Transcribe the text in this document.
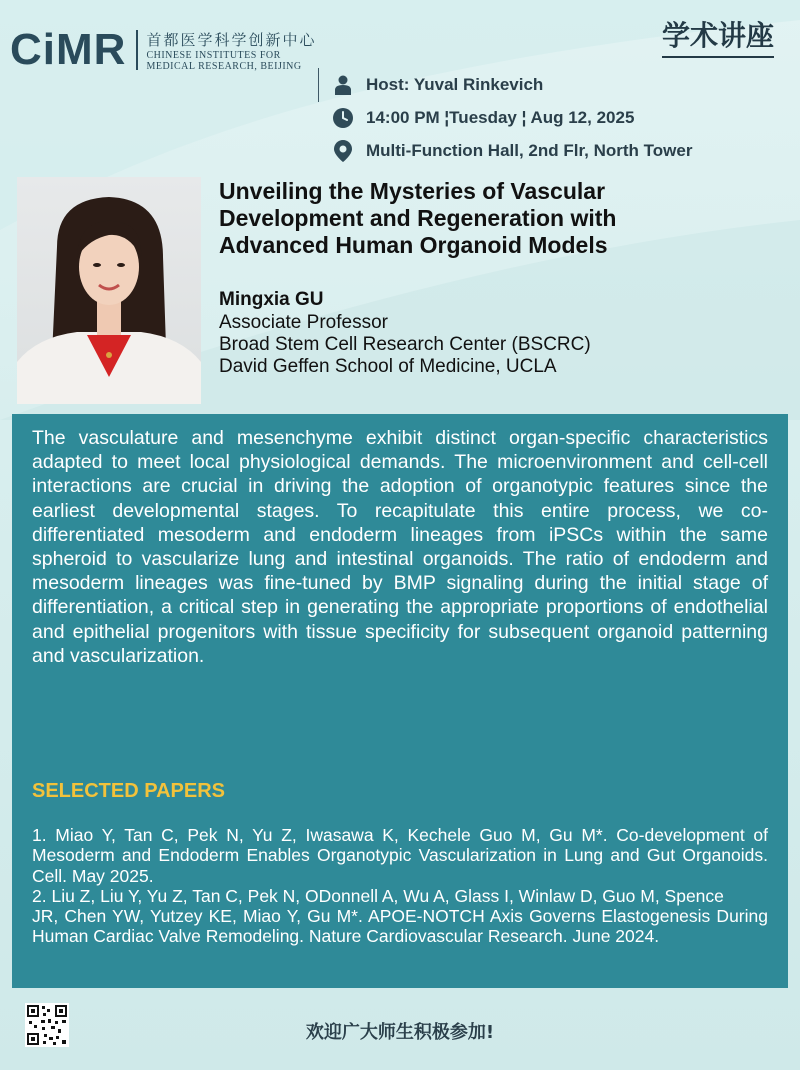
CiMR 首都医学科学创新中心
CHINESE INSTITUTES FOR
MEDICAL RESEARCH, BEIJING
学术讲座
Host: Yuval Rinkevich
14:00 PM ¦Tuesday ¦ Aug 12, 2025
Multi-Function Hall, 2nd Flr, North Tower
Unveiling the Mysteries of Vascular
Development and Regeneration with
Advanced Human Organoid Models
Mingxia GU
Associate Professor
Broad Stem Cell Research Center (BSCRC)
David Geffen School of Medicine, UCLA
The vasculature and mesenchyme exhibit distinct organ-specific characteristics adapted to meet local physiological demands. The microenvironment and cell-cell interactions are crucial in driving the adoption of organotypic features since the earliest developmental stages. To recapitulate this entire process, we co- differentiated mesoderm and endoderm lineages from iPSCs within the same spheroid to vascularize lung and intestinal organoids. The ratio of endoderm and mesoderm lineages was fine-tuned by BMP signaling during the initial stage of differentiation, a critical step in generating the appropriate proportions of endothelial and epithelial progenitors with tissue specificity for subsequent organoid patterning and vascularization.
SELECTED PAPERS

1. Miao Y, Tan C, Pek N, Yu Z, Iwasawa K, Kechele Guo M, Gu M*. Co-development of Mesoderm and Endoderm Enables Organotypic Vascularization in Lung and Gut Organoids. Cell. May 2025.

2. Liu Z, Liu Y, Yu Z, Tan C, Pek N, ODonnell A, Wu A, Glass I, Winlaw D, Guo M, Spence

JR, Chen YW, Yutzey KE, Miao Y, Gu M*. APOE-NOTCH Axis Governs Elastogenesis During Human Cardiac Valve Remodeling. Nature Cardiovascular Research. June 2024.

欢迎广大师生积极参加!
